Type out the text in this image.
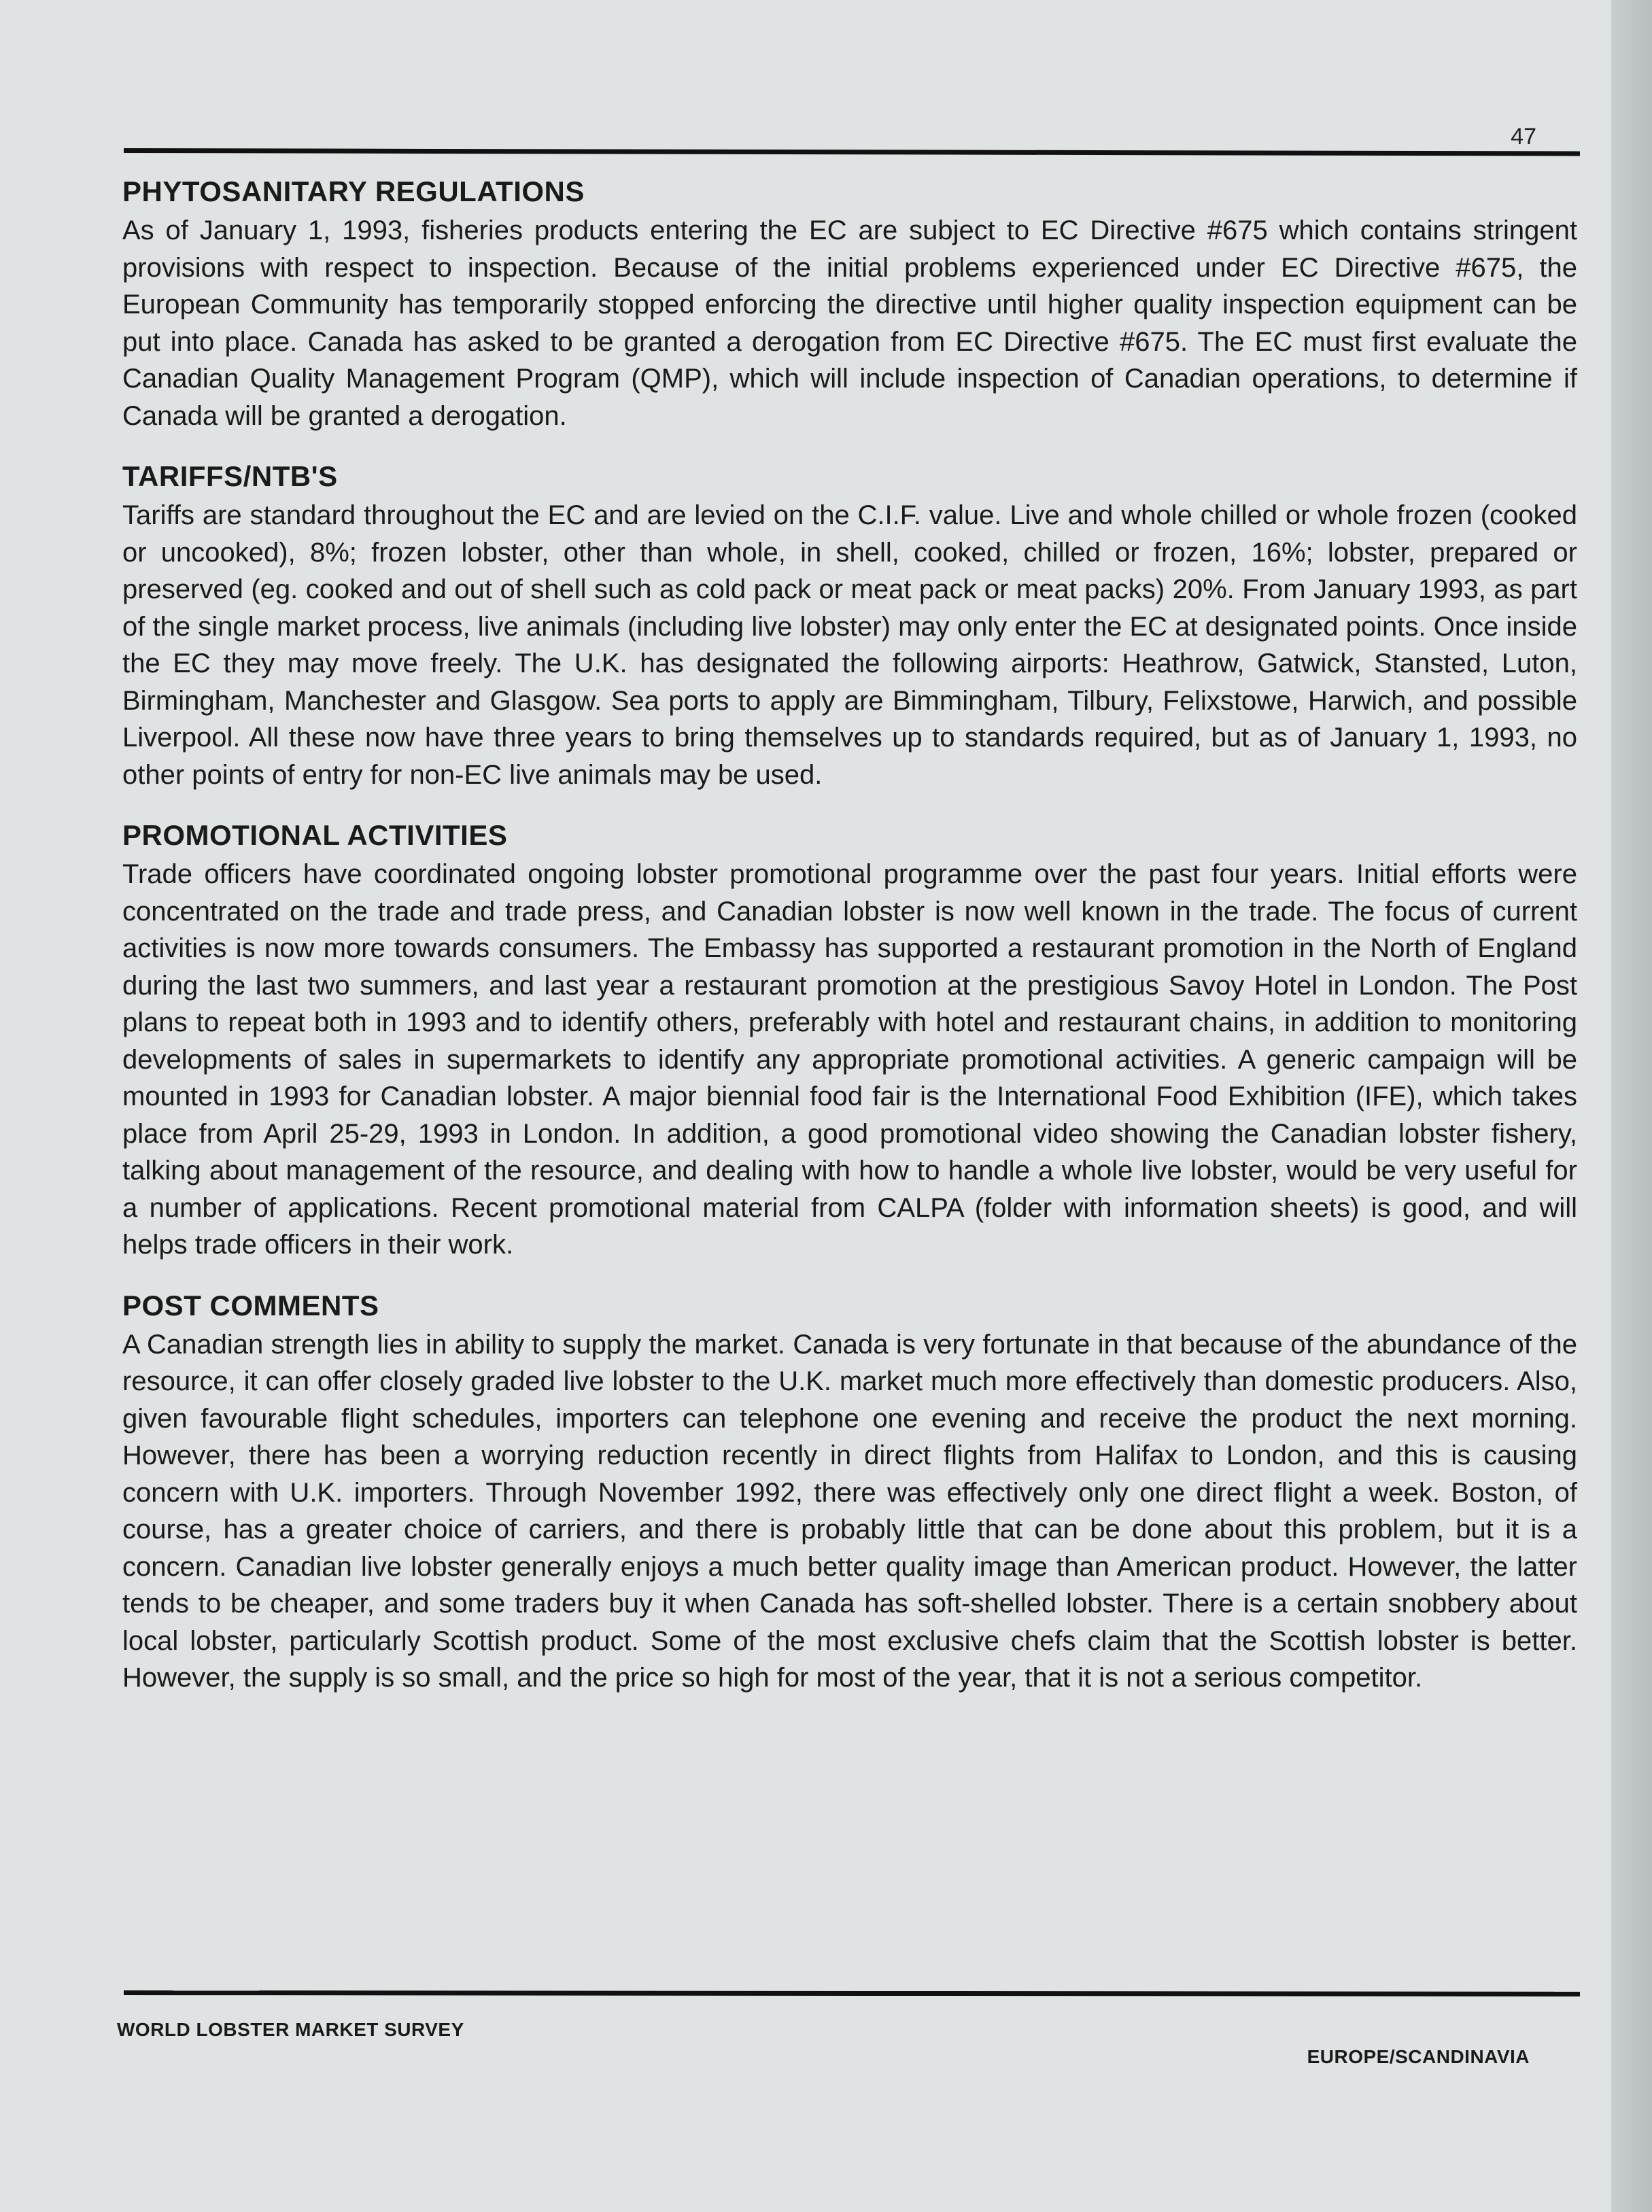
47
PHYTOSANITARY REGULATIONS

As of January 1, 1993, fisheries products entering the EC are subject to EC Directive #675 which contains stringent provisions with respect to inspection. Because of the initial problems experienced under EC Directive #675, the European Community has temporarily stopped enforcing the directive until higher quality inspection equipment can be put into place. Canada has asked to be granted a derogation from EC Directive #675. The EC must first evaluate the Canadian Quality Management Program (QMP), which will include inspection of Canadian operations, to determine if Canada will be granted a derogation.

TARIFFS/NTB'S

Tariffs are standard throughout the EC and are levied on the C.I.F. value. Live and whole chilled or whole frozen (cooked or uncooked), 8%; frozen lobster, other than whole, in shell, cooked, chilled or frozen, 16%; lobster, prepared or preserved (eg. cooked and out of shell such as cold pack or meat pack or meat packs) 20%. From January 1993, as part of the single market process, live animals (including live lobster) may only enter the EC at designated points. Once inside the EC they may move freely. The U.K. has designated the following airports: Heathrow, Gatwick, Stansted, Luton, Birmingham, Manchester and Glasgow. Sea ports to apply are Bimmingham, Tilbury, Felixstowe, Harwich, and possible Liverpool. All these now have three years to bring themselves up to standards required, but as of January 1, 1993, no other points of entry for non-EC live animals may be used.

PROMOTIONAL ACTIVITIES

Trade officers have coordinated ongoing lobster promotional programme over the past four years. Initial efforts were concentrated on the trade and trade press, and Canadian lobster is now well known in the trade. The focus of current activities is now more towards consumers. The Embassy has supported a restaurant promotion in the North of England during the last two summers, and last year a restaurant promotion at the prestigious Savoy Hotel in London. The Post plans to repeat both in 1993 and to identify others, preferably with hotel and restaurant chains, in addition to monitoring developments of sales in supermarkets to identify any appropriate promotional activities. A generic campaign will be mounted in 1993 for Canadian lobster. A major biennial food fair is the International Food Exhibition (IFE), which takes place from April 25-29, 1993 in London. In addition, a good promotional video showing the Canadian lobster fishery, talking about management of the resource, and dealing with how to handle a whole live lobster, would be very useful for a number of applications. Recent promotional material from CALPA (folder with information sheets) is good, and will helps trade officers in their work.

POST COMMENTS

A Canadian strength lies in ability to supply the market. Canada is very fortunate in that because of the abundance of the resource, it can offer closely graded live lobster to the U.K. market much more effectively than domestic producers. Also, given favourable flight schedules, importers can telephone one evening and receive the product the next morning. However, there has been a worrying reduction recently in direct flights from Halifax to London, and this is causing concern with U.K. importers. Through November 1992, there was effectively only one direct flight a week. Boston, of course, has a greater choice of carriers, and there is probably little that can be done about this problem, but it is a concern. Canadian live lobster generally enjoys a much better quality image than American product. However, the latter tends to be cheaper, and some traders buy it when Canada has soft-shelled lobster. There is a certain snobbery about local lobster, particularly Scottish product. Some of the most exclusive chefs claim that the Scottish lobster is better. However, the supply is so small, and the price so high for most of the year, that it is not a serious competitor.

WORLD LOBSTER MARKET SURVEY
EUROPE/SCANDINAVIA
